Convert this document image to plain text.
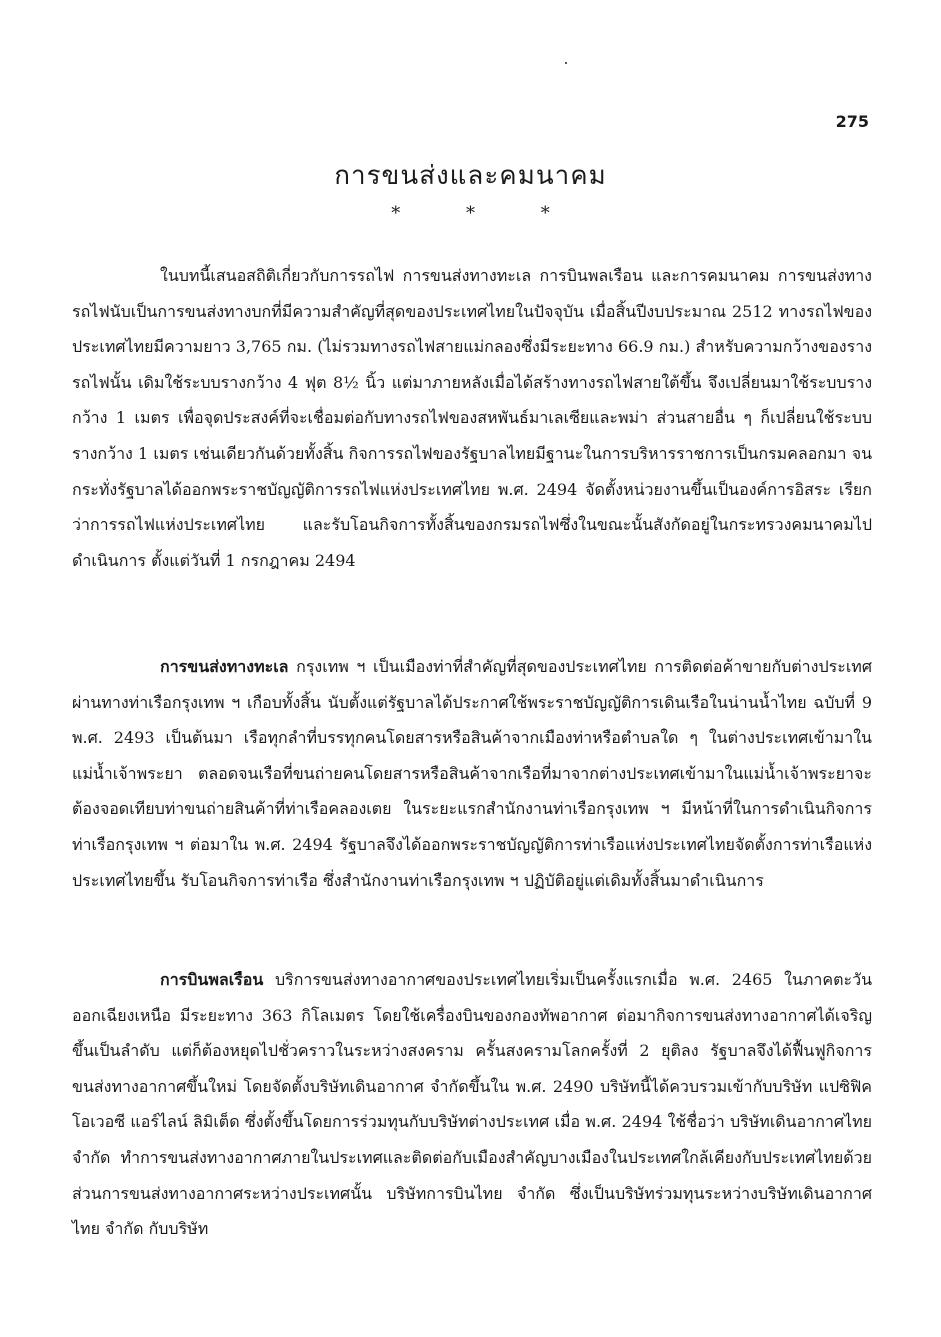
275
การขนส่งและคมนาคม
* * *

ในบทนี้เสนอสถิติเกี่ยวกับการรถไฟ การขนส่งทางทะเล การบินพลเรือน และการคมนาคม การขนส่งทางรถไฟนับเป็นการขนส่งทางบกที่มีความสำคัญที่สุดของประเทศไทยในปัจจุบัน เมื่อสิ้นปีงบประมาณ 2512 ทางรถไฟของประเทศไทยมีความยาว 3,765 กม. (ไม่รวมทางรถไฟสายแม่กลองซึ่งมีระยะทาง 66.9 กม.) สำหรับความกว้างของรางรถไฟนั้น เดิมใช้ระบบรางกว้าง 4 ฟุต 8½ นิ้ว แต่มาภายหลังเมื่อได้สร้างทางรถไฟสายใต้ขึ้น จึงเปลี่ยนมาใช้ระบบรางกว้าง 1 เมตร เพื่อจุดประสงค์ที่จะเชื่อมต่อกับทางรถไฟของสหพันธ์มาเลเซียและพม่า ส่วนสายอื่น ๆ ก็เปลี่ยนใช้ระบบรางกว้าง 1 เมตร เช่นเดียวกันด้วยทั้งสิ้น กิจการรถไฟของรัฐบาลไทยมีฐานะในการบริหารราชการเป็นกรมคลอกมา จนกระทั่งรัฐบาลได้ออกพระราชบัญญัติการรถไฟแห่งประเทศไทย พ.ศ. 2494 จัดตั้งหน่วยงานขึ้นเป็นองค์การอิสระ เรียกว่าการรถไฟแห่งประเทศไทย และรับโอนกิจการทั้งสิ้นของกรมรถไฟซึ่งในขณะนั้นสังกัดอยู่ในกระทรวงคมนาคมไปดำเนินการ ตั้งแต่วันที่ 1 กรกฎาคม 2494

การขนส่งทางทะเล กรุงเทพ ฯ เป็นเมืองท่าที่สำคัญที่สุดของประเทศไทย การติดต่อค้าขายกับต่างประเทศผ่านทางท่าเรือกรุงเทพ ฯ เกือบทั้งสิ้น นับตั้งแต่รัฐบาลได้ประกาศใช้พระราชบัญญัติการเดินเรือในน่านน้ำไทย ฉบับที่ 9 พ.ศ. 2493 เป็นต้นมา เรือทุกลำที่บรรทุกคนโดยสารหรือสินค้าจากเมืองท่าหรือตำบลใด ๆ ในต่างประเทศเข้ามาในแม่น้ำเจ้าพระยา ตลอดจนเรือที่ขนถ่ายคนโดยสารหรือสินค้าจากเรือที่มาจากต่างประเทศเข้ามาในแม่น้ำเจ้าพระยาจะต้องจอดเทียบท่าขนถ่ายสินค้าที่ท่าเรือคลองเตย ในระยะแรกสำนักงานท่าเรือกรุงเทพ ฯ มีหน้าที่ในการดำเนินกิจการท่าเรือกรุงเทพ ฯ ต่อมาใน พ.ศ. 2494 รัฐบาลจึงได้ออกพระราชบัญญัติการท่าเรือแห่งประเทศไทยจัดตั้งการท่าเรือแห่งประเทศไทยขึ้น รับโอนกิจการท่าเรือ ซึ่งสำนักงานท่าเรือกรุงเทพ ฯ ปฏิบัติอยู่แต่เดิมทั้งสิ้นมาดำเนินการ

การบินพลเรือน บริการขนส่งทางอากาศของประเทศไทยเริ่มเป็นครั้งแรกเมื่อ พ.ศ. 2465 ในภาคตะวันออกเฉียงเหนือ มีระยะทาง 363 กิโลเมตร โดยใช้เครื่องบินของกองทัพอากาศ ต่อมากิจการขนส่งทางอากาศได้เจริญขึ้นเป็นลำดับ แต่ก็ต้องหยุดไปชั่วคราวในระหว่างสงคราม ครั้นสงครามโลกครั้งที่ 2 ยุติลง รัฐบาลจึงได้ฟื้นฟูกิจการขนส่งทางอากาศขึ้นใหม่ โดยจัดตั้งบริษัทเดินอากาศ จำกัดขึ้นใน พ.ศ. 2490 บริษัทนี้ได้ควบรวมเข้ากับบริษัท แปซิฟิค โอเวอซี แอร์ไลน์ ลิมิเต็ด ซึ่งตั้งขึ้นโดยการร่วมทุนกับบริษัทต่างประเทศ เมื่อ พ.ศ. 2494 ใช้ชื่อว่า บริษัทเดินอากาศไทย จำกัด ทำการขนส่งทางอากาศภายในประเทศและติดต่อกับเมืองสำคัญบางเมืองในประเทศใกล้เคียงกับประเทศไทยด้วย ส่วนการขนส่งทางอากาศระหว่างประเทศนั้น บริษัทการบินไทย จำกัด ซึ่งเป็นบริษัทร่วมทุนระหว่างบริษัทเดินอากาศไทย จำกัด กับบริษัท
